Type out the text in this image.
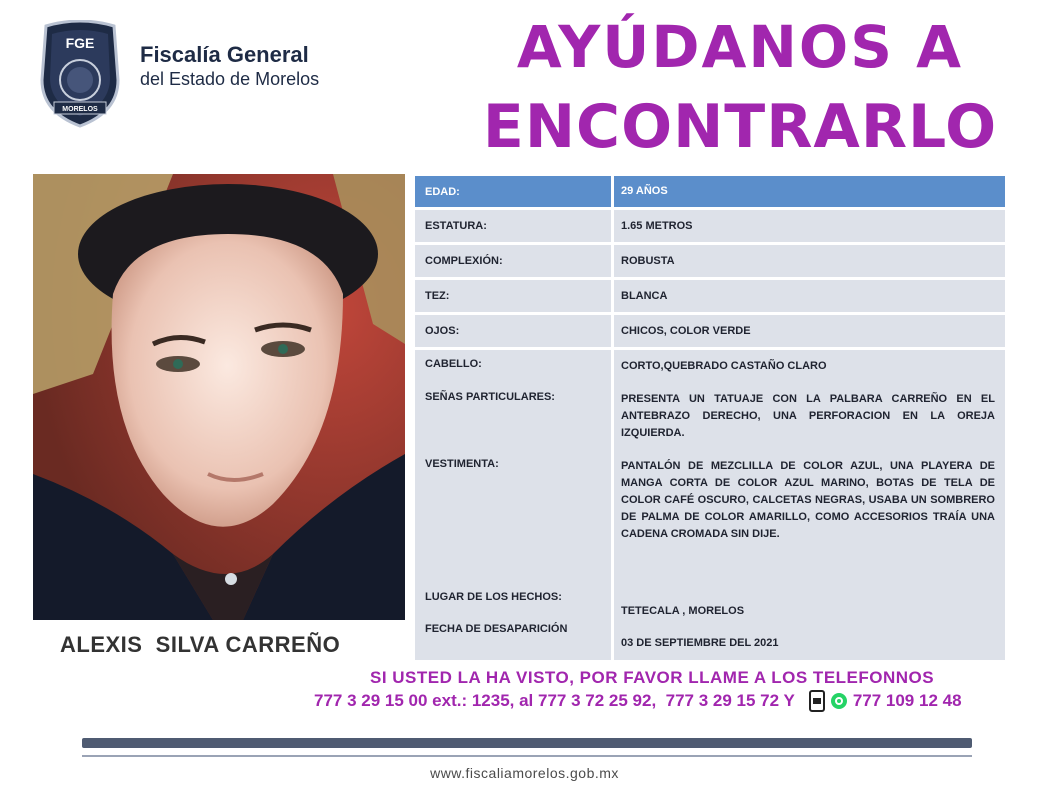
FGE
MORELOS
Fiscalía General
del Estado de Morelos	AYÚDANOS A
ENCONTRARLO
ALEXIS  SILVA CARREÑO
EDAD:	29 AÑOS
ESTATURA:	1.65 METROS
COMPLEXIÓN:	ROBUSTA
TEZ:	BLANCA
OJOS:	CHICOS, COLOR VERDE
CABELLO:	CORTO,QUEBRADO CASTAÑO CLARO
SEÑAS PARTICULARES:	PRESENTA UN TATUAJE CON LA PALBARA CARREÑO EN EL ANTEBRAZO DERECHO, UNA PERFORACION EN LA OREJA IZQUIERDA.
VESTIMENTA:	PANTALÓN DE MEZCLILLA DE COLOR AZUL, UNA PLAYERA DE MANGA CORTA DE COLOR AZUL MARINO, BOTAS DE TELA DE COLOR CAFÉ OSCURO, CALCETAS NEGRAS, USABA UN SOMBRERO DE PALMA DE COLOR AMARILLO, COMO ACCESORIOS TRAÍA UNA CADENA CROMADA SIN DIJE.
LUGAR DE LOS HECHOS:
TETECALA , MORELOS
FECHA DE DESAPARICIÓN
03 DE SEPTIEMBRE DEL 2021
SI USTED LA HA VISTO, POR FAVOR LLAME A LOS TELEFONNOS
777 3 29 15 00 ext.: 1235, al 777 3 72 25 92,  777 3 29 15 72 Y	777 109 12 48
www.fiscaliamorelos.gob.mx
